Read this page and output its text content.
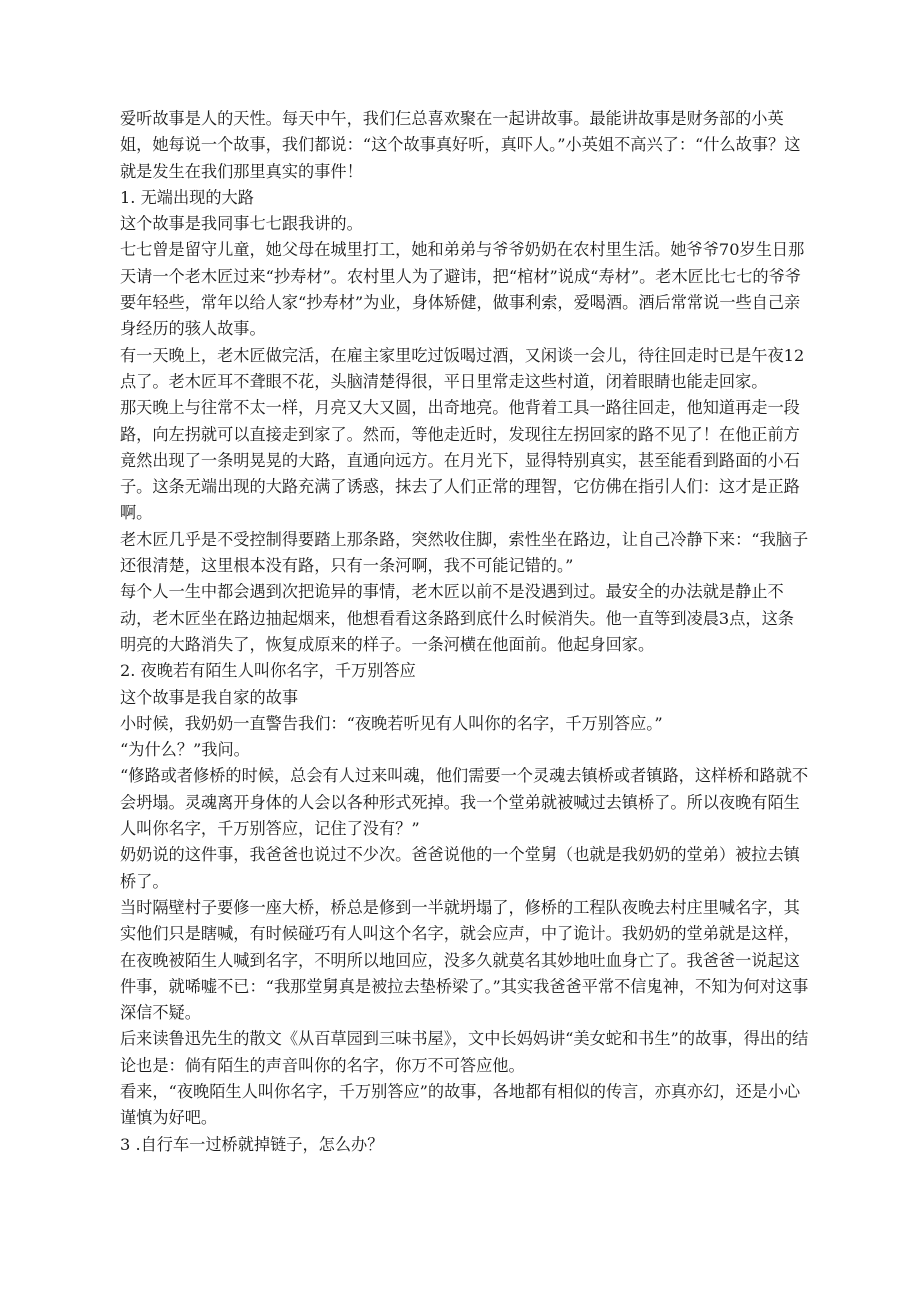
爱听故事是人的天性。每天中午，我们仨总喜欢聚在一起讲故事。最能讲故事是财务部的小英姐，她每说一个故事，我们都说：“这个故事真好听，真吓人。”小英姐不高兴了：“什么故事？这就是发生在我们那里真实的事件！

1. 无端出现的大路

这个故事是我同事七七跟我讲的。

七七曾是留守儿童，她父母在城里打工，她和弟弟与爷爷奶奶在农村里生活。她爷爷70岁生日那天请一个老木匠过来“抄寿材”。农村里人为了避讳，把“棺材”说成“寿材”。老木匠比七七的爷爷要年轻些，常年以给人家“抄寿材”为业，身体矫健，做事利索，爱喝酒。酒后常常说一些自己亲身经历的骇人故事。

有一天晚上，老木匠做完活，在雇主家里吃过饭喝过酒，又闲谈一会儿，待往回走时已是午夜12点了。老木匠耳不聋眼不花，头脑清楚得很，平日里常走这些村道，闭着眼睛也能走回家。

那天晚上与往常不太一样，月亮又大又圆，出奇地亮。他背着工具一路往回走，他知道再走一段路，向左拐就可以直接走到家了。然而，等他走近时，发现往左拐回家的路不见了！在他正前方竟然出现了一条明晃晃的大路，直通向远方。在月光下，显得特别真实，甚至能看到路面的小石子。这条无端出现的大路充满了诱惑，抹去了人们正常的理智，它仿佛在指引人们：这才是正路啊。

老木匠几乎是不受控制得要踏上那条路，突然收住脚，索性坐在路边，让自己冷静下来：“我脑子还很清楚，这里根本没有路，只有一条河啊，我不可能记错的。”

每个人一生中都会遇到次把诡异的事情，老木匠以前不是没遇到过。最安全的办法就是静止不动，老木匠坐在路边抽起烟来，他想看看这条路到底什么时候消失。他一直等到凌晨3点，这条明亮的大路消失了，恢复成原来的样子。一条河横在他面前。他起身回家。

2. 夜晚若有陌生人叫你名字，千万别答应

这个故事是我自家的故事

小时候，我奶奶一直警告我们：“夜晚若听见有人叫你的名字，千万别答应。”

“为什么？”我问。

“修路或者修桥的时候，总会有人过来叫魂，他们需要一个灵魂去镇桥或者镇路，这样桥和路就不会坍塌。灵魂离开身体的人会以各种形式死掉。我一个堂弟就被喊过去镇桥了。所以夜晚有陌生人叫你名字，千万别答应，记住了没有？”

奶奶说的这件事，我爸爸也说过不少次。爸爸说他的一个堂舅（也就是我奶奶的堂弟）被拉去镇桥了。

当时隔壁村子要修一座大桥，桥总是修到一半就坍塌了，修桥的工程队夜晚去村庄里喊名字，其实他们只是瞎喊，有时候碰巧有人叫这个名字，就会应声，中了诡计。我奶奶的堂弟就是这样，在夜晚被陌生人喊到名字，不明所以地回应，没多久就莫名其妙地吐血身亡了。我爸爸一说起这件事，就唏嘘不已：“我那堂舅真是被拉去垫桥梁了。”其实我爸爸平常不信鬼神，不知为何对这事深信不疑。

后来读鲁迅先生的散文《从百草园到三味书屋》，文中长妈妈讲“美女蛇和书生”的故事，得出的结论也是：倘有陌生的声音叫你的名字，你万不可答应他。

看来，“夜晚陌生人叫你名字，千万别答应”的故事，各地都有相似的传言，亦真亦幻，还是小心谨慎为好吧。

3 .自行车一过桥就掉链子，怎么办？
